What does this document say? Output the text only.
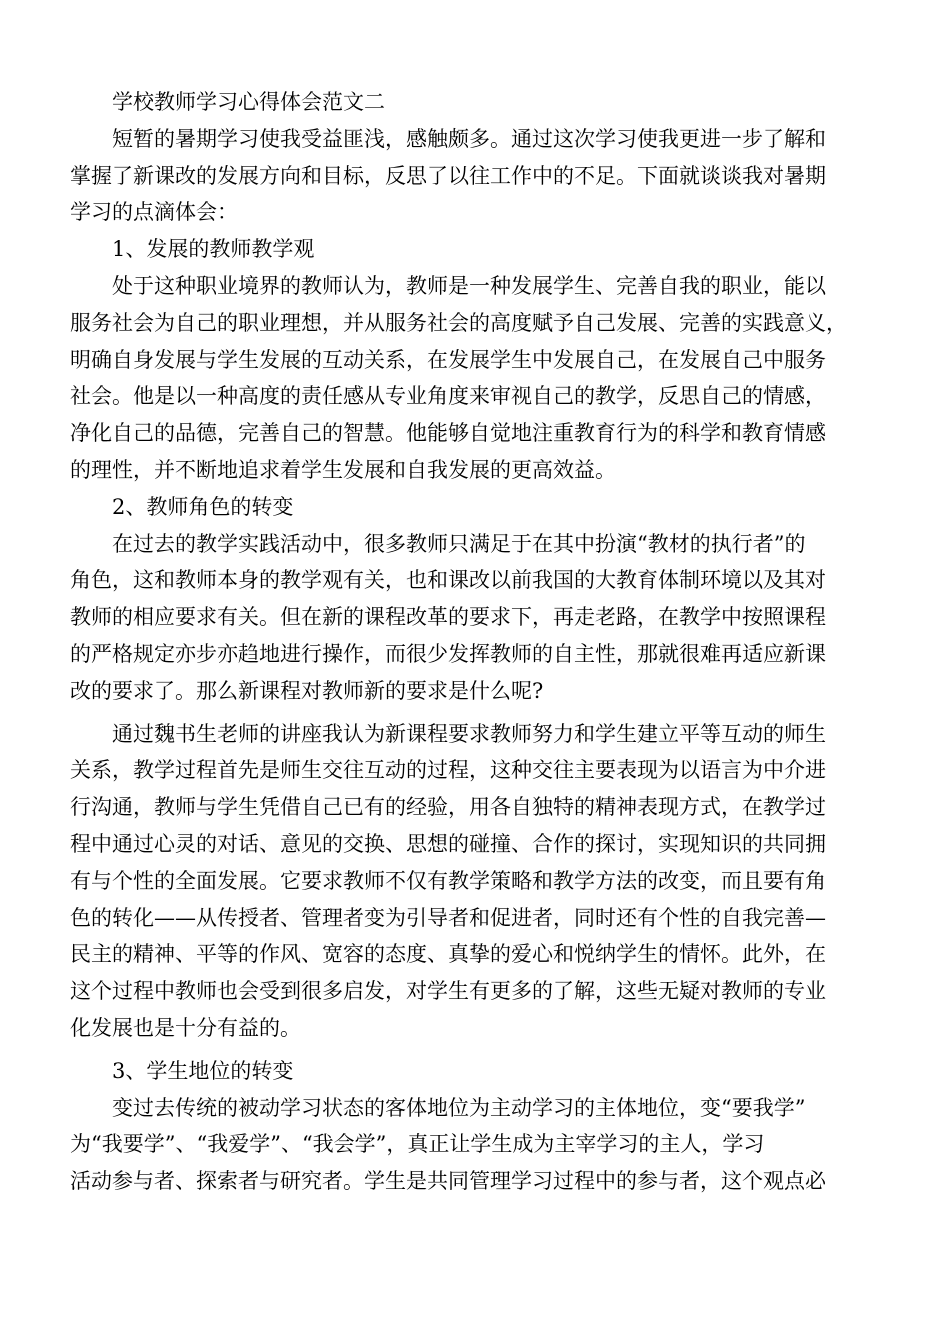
学校教师学习心得体会范文二
短暂的暑期学习使我受益匪浅，感触颇多。通过这次学习使我更进一步了解和
掌握了新课改的发展方向和目标，反思了以往工作中的不足。下面就谈谈我对暑期
学习的点滴体会：
1、发展的教师教学观
处于这种职业境界的教师认为，教师是一种发展学生、完善自我的职业，能以
服务社会为自己的职业理想，并从服务社会的高度赋予自己发展、完善的实践意义，
明确自身发展与学生发展的互动关系，在发展学生中发展自己，在发展自己中服务
社会。他是以一种高度的责任感从专业角度来审视自己的教学，反思自己的情感，
净化自己的品德，完善自己的智慧。他能够自觉地注重教育行为的科学和教育情感
的理性，并不断地追求着学生发展和自我发展的更高效益。
2、教师角色的转变
在过去的教学实践活动中，很多教师只满足于在其中扮演“教材的执行者”的
角色，这和教师本身的教学观有关，也和课改以前我国的大教育体制环境以及其对
教师的相应要求有关。但在新的课程改革的要求下，再走老路，在教学中按照课程
的严格规定亦步亦趋地进行操作，而很少发挥教师的自主性，那就很难再适应新课
改的要求了。那么新课程对教师新的要求是什么呢?
通过魏书生老师的讲座我认为新课程要求教师努力和学生建立平等互动的师生
关系，教学过程首先是师生交往互动的过程，这种交往主要表现为以语言为中介进
行沟通，教师与学生凭借自己已有的经验，用各自独特的精神表现方式，在教学过
程中通过心灵的对话、意见的交换、思想的碰撞、合作的探讨，实现知识的共同拥
有与个性的全面发展。它要求教师不仅有教学策略和教学方法的改变，而且要有角
色的转化——从传授者、管理者变为引导者和促进者，同时还有个性的自我完善—
民主的精神、平等的作风、宽容的态度、真挚的爱心和悦纳学生的情怀。此外，在
这个过程中教师也会受到很多启发，对学生有更多的了解，这些无疑对教师的专业
化发展也是十分有益的。
3、学生地位的转变
变过去传统的被动学习状态的客体地位为主动学习的主体地位，变“要我学”
为“我要学”、“我爱学”、“我会学”，真正让学生成为主宰学习的主人，学习
活动参与者、探索者与研究者。学生是共同管理学习过程中的参与者，这个观点必
